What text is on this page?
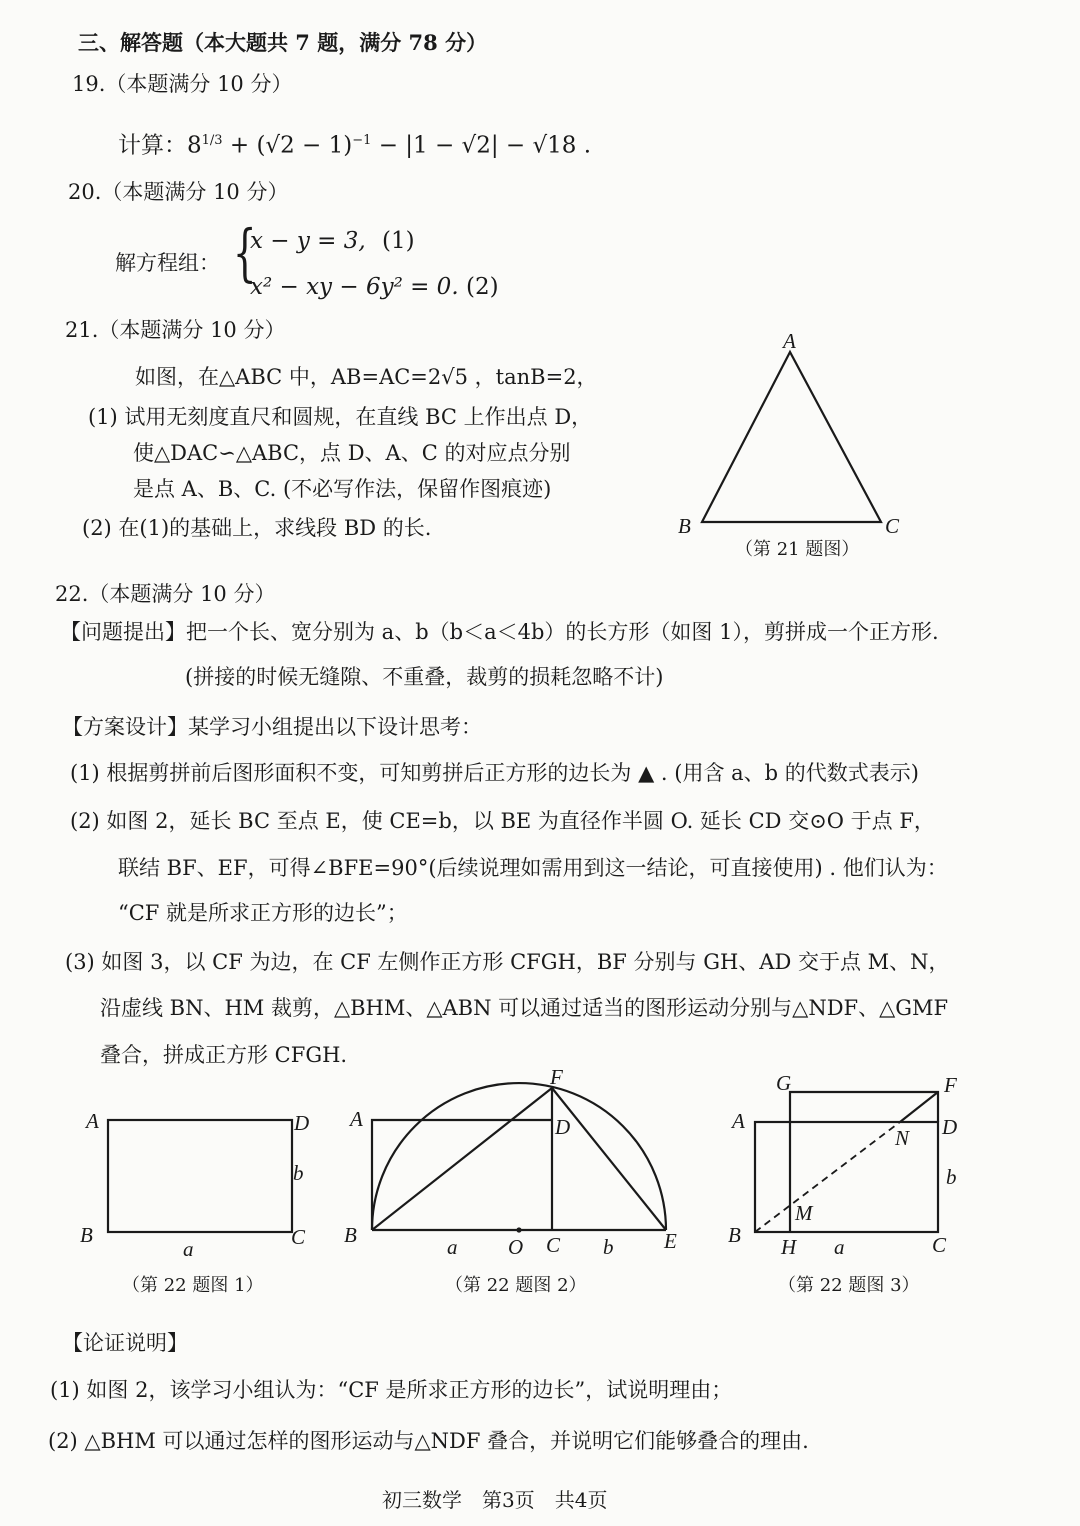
三、解答题（本大题共 7 题，满分 78 分）
19.（本题满分 10 分）
计算：$8^{1/3} + (√2 - 1)^{-1} - |1 - √2| - √18$ .
20.（本题满分 10 分）
解方程组： {
x − y = 3, (1)
x² − xy − 6y² = 0. (2)
21.（本题满分 10 分）
如图，在△ABC 中，AB=AC=2√5 ，tanB=2，
(1) 试用无刻度直尺和圆规，在直线 BC 上作出点 D，
使△DAC∽△ABC，点 D、A、C 的对应点分别
是点 A、B、C. (不必写作法，保留作图痕迹)
(2) 在(1)的基础上，求线段 BD 的长.
（第 21 题图）
22.（本题满分 10 分）
【问题提出】把一个长、宽分别为 a、b（b＜a＜4b）的长方形（如图 1），剪拼成一个正方形.
(拼接的时候无缝隙、不重叠，裁剪的损耗忽略不计)
【方案设计】某学习小组提出以下设计思考：
(1) 根据剪拼前后图形面积不变，可知剪拼后正方形的边长为 ▲ . (用含 a、b 的代数式表示)
(2) 如图 2，延长 BC 至点 E，使 CE=b，以 BE 为直径作半圆 O. 延长 CD 交⊙O 于点 F，
联结 BF、EF，可得∠BFE=90°(后续说理如需用到这一结论，可直接使用) . 他们认为：
“CF 就是所求正方形的边长”；
(3) 如图 3，以 CF 为边，在 CF 左侧作正方形 CFGH，BF 分别与 GH、AD 交于点 M、N，
沿虚线 BN、HM 裁剪，△BHM、△ABN 可以通过适当的图形运动分别与△NDF、△GMF
叠合，拼成正方形 CFGH.
（第 22 题图 1）	（第 22 题图 2）	（第 22 题图 3）
【论证说明】
(1) 如图 2，该学习小组认为：“CF 是所求正方形的边长”，试说明理由；
(2) △BHM 可以通过怎样的图形运动与△NDF 叠合，并说明它们能够叠合的理由.
初三数学　第3页　共4页
A
B	C
A	D
b
B	C
a
F
A	D
B	a O C b E
G	F
A
N D
b
M
B H a	C
